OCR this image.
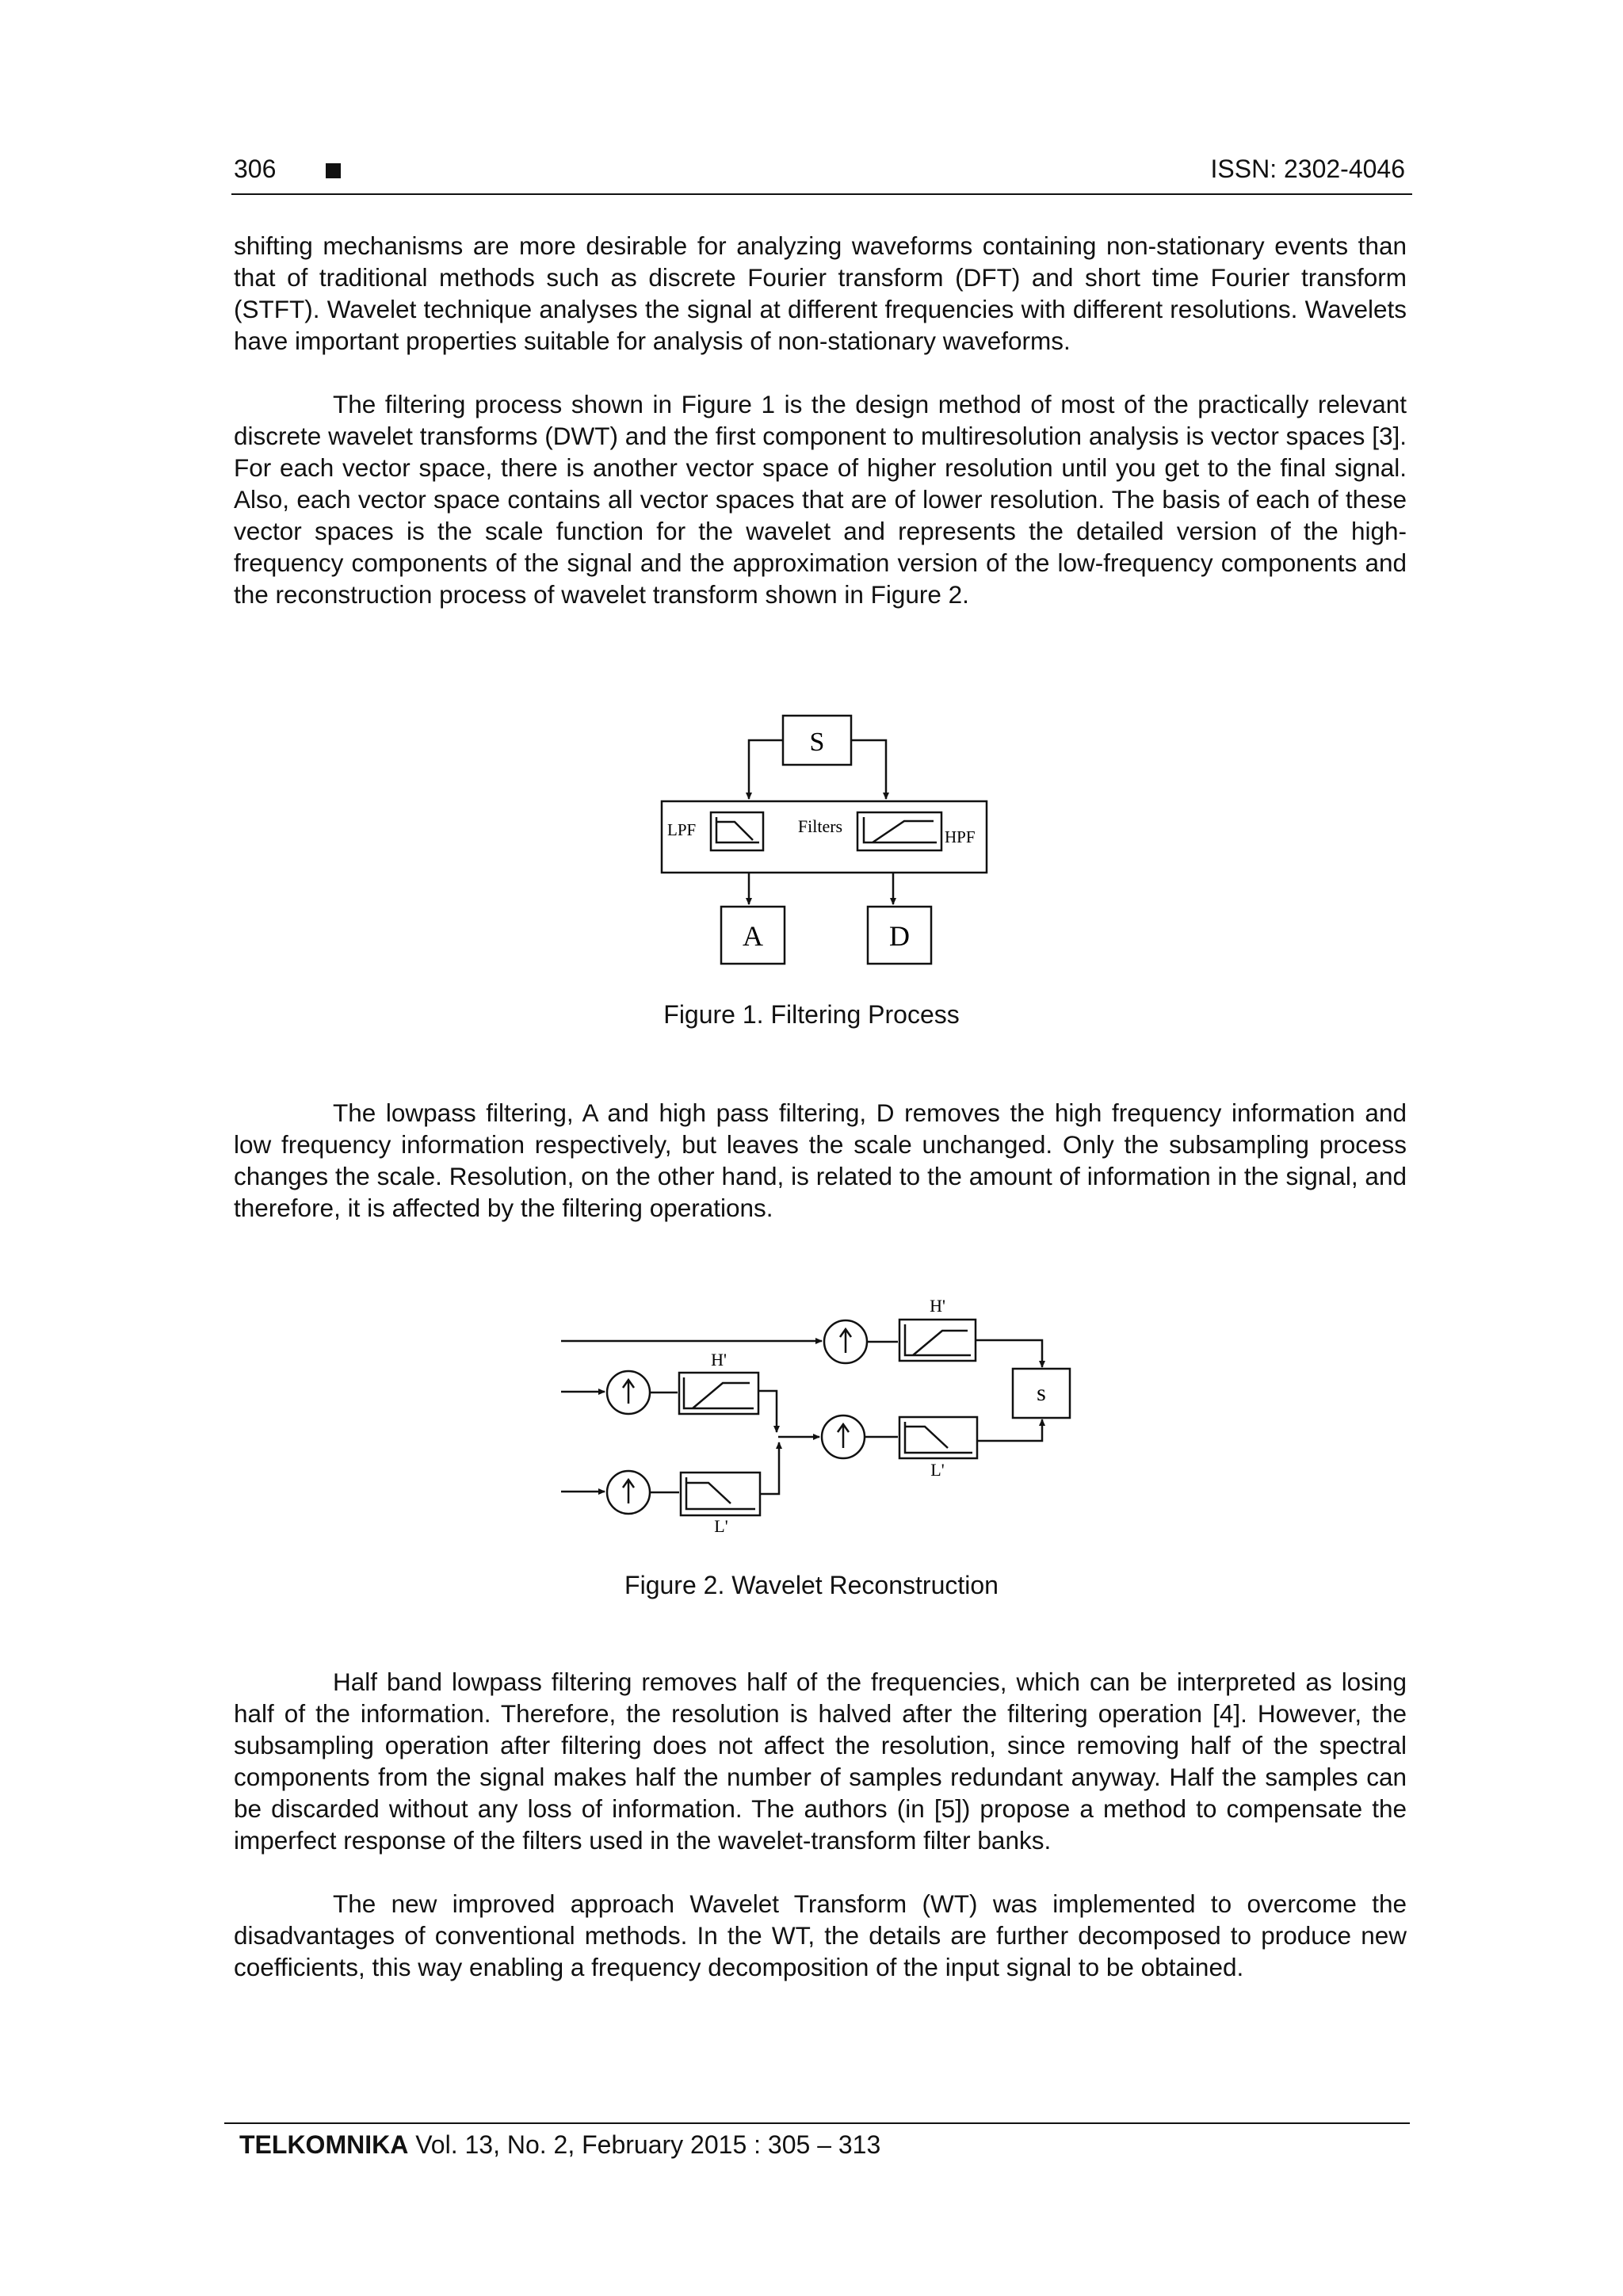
306	ISSN: 2302-4046

shifting mechanisms are more desirable for analyzing waveforms containing non-stationary events than that of traditional methods such as discrete Fourier transform (DFT) and short time Fourier transform (STFT). Wavelet technique analyses the signal at different frequencies with different resolutions. Wavelets have important properties suitable for analysis of non-stationary waveforms.

The filtering process shown in Figure 1 is the design method of most of the practically relevant discrete wavelet transforms (DWT) and the first component to multiresolution analysis is vector spaces [3]. For each vector space, there is another vector space of higher resolution until you get to the final signal. Also, each vector space contains all vector spaces that are of lower resolution. The basis of each of these vector spaces is the scale function for the wavelet and represents the detailed version of the high-frequency components of the signal and the approximation version of the low-frequency components and the reconstruction process of wavelet transform shown in Figure 2.

S
LPF	Filters
HPF
A	D
Figure 1. Filtering Process

The lowpass filtering, A and high pass filtering, D removes the high frequency information and low frequency information respectively, but leaves the scale unchanged. Only the subsampling process changes the scale. Resolution, on the other hand, is related to the amount of information in the signal, and therefore, it is affected by the filtering operations.

H'
H'
L'
L'
s
Figure 2. Wavelet Reconstruction

Half band lowpass filtering removes half of the frequencies, which can be interpreted as losing half of the information. Therefore, the resolution is halved after the filtering operation [4]. However, the subsampling operation after filtering does not affect the resolution, since removing half of the spectral components from the signal makes half the number of samples redundant anyway. Half the samples can be discarded without any loss of information. The authors (in [5]) propose a method to compensate the imperfect response of the filters used in the wavelet-transform filter banks.

The new improved approach Wavelet Transform (WT) was implemented to overcome the disadvantages of conventional methods. In the WT, the details are further decomposed to produce new coefficients, this way enabling a frequency decomposition of the input signal to be obtained.

TELKOMNIKA Vol. 13, No. 2, February 2015 : 305 – 313
